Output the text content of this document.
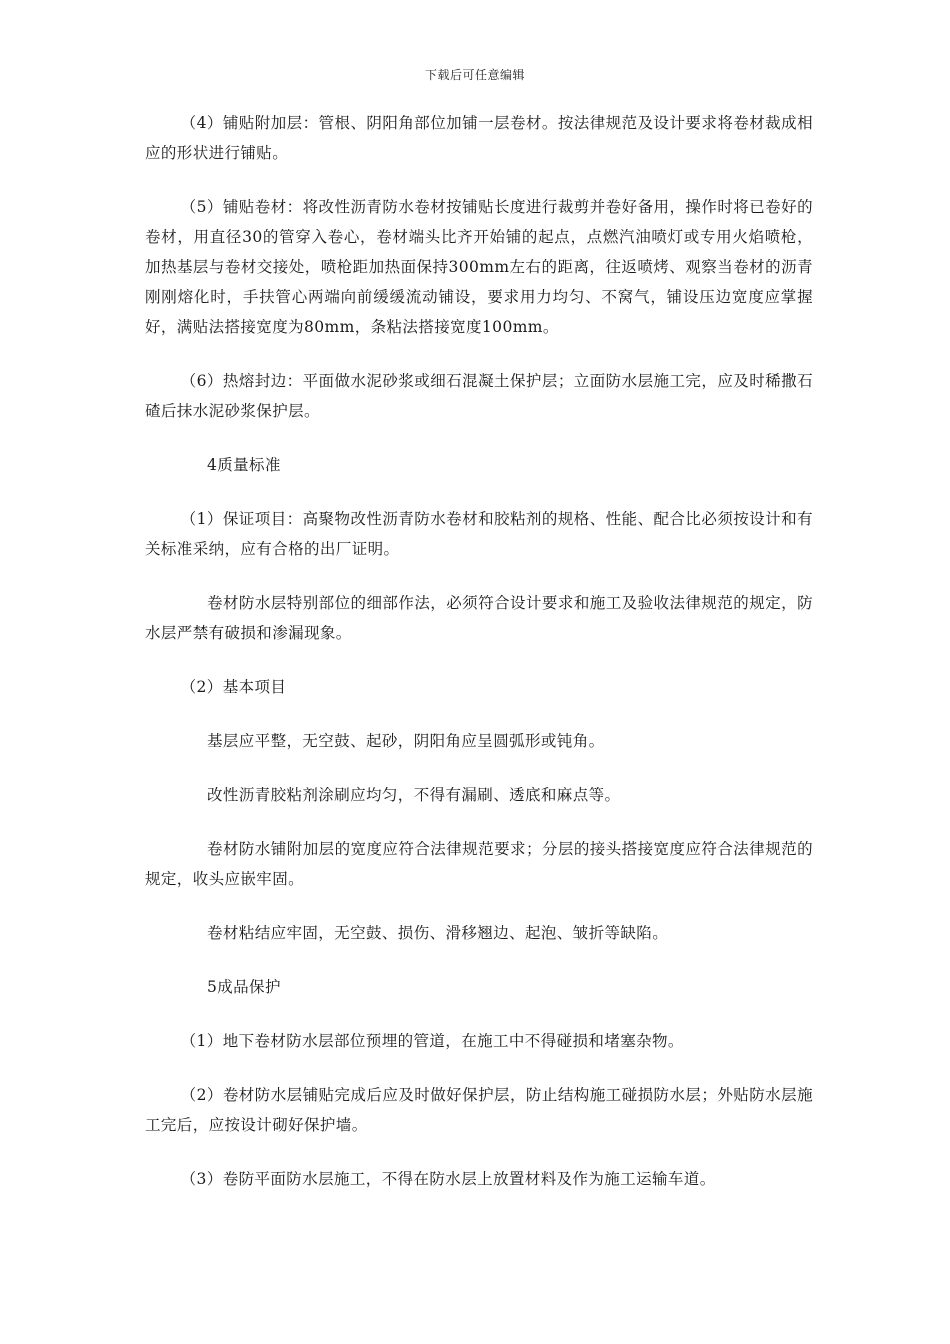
下载后可任意编辑

（4）铺贴附加层：管根、阴阳角部位加铺一层卷材。按法律规范及设计要求将卷材裁成相应的形状进行铺贴。

（5）铺贴卷材：将改性沥青防水卷材按铺贴长度进行裁剪并卷好备用，操作时将已卷好的卷材，用直径30的管穿入卷心，卷材端头比齐开始铺的起点，点燃汽油喷灯或专用火焰喷枪，加热基层与卷材交接处，喷枪距加热面保持300mm左右的距离，往返喷烤、观察当卷材的沥青刚刚熔化时，手扶管心两端向前缓缓流动铺设，要求用力均匀、不窝气，铺设压边宽度应掌握好，满贴法搭接宽度为80mm，条粘法搭接宽度100mm。

（6）热熔封边：平面做水泥砂浆或细石混凝土保护层；立面防水层施工完，应及时稀撒石碴后抹水泥砂浆保护层。

4质量标准

（1）保证项目：高聚物改性沥青防水卷材和胶粘剂的规格、性能、配合比必须按设计和有关标准采纳，应有合格的出厂证明。

卷材防水层特别部位的细部作法，必须符合设计要求和施工及验收法律规范的规定，防水层严禁有破损和渗漏现象。

（2）基本项目

基层应平整，无空鼓、起砂，阴阳角应呈圆弧形或钝角。

改性沥青胶粘剂涂刷应均匀，不得有漏刷、透底和麻点等。

卷材防水铺附加层的宽度应符合法律规范要求；分层的接头搭接宽度应符合法律规范的规定，收头应嵌牢固。

卷材粘结应牢固，无空鼓、损伤、滑移翘边、起泡、皱折等缺陷。

5成品保护

（1）地下卷材防水层部位预埋的管道，在施工中不得碰损和堵塞杂物。

（2）卷材防水层铺贴完成后应及时做好保护层，防止结构施工碰损防水层；外贴防水层施工完后，应按设计砌好保护墙。

（3）卷防平面防水层施工，不得在防水层上放置材料及作为施工运输车道。
